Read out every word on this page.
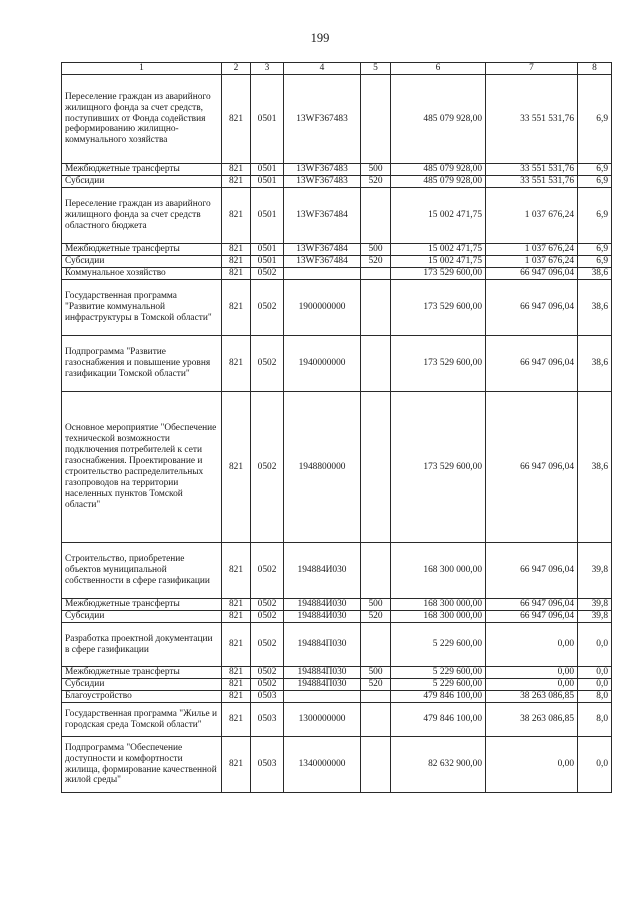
199
1	2	3	4	5	6	7	8
Переселение граждан из аварийного жилищного фонда за счет средств, поступивших от Фонда содействия реформированию жилищно-коммунального хозяйства	821	0501	13WF367483		485 079 928,00	33 551 531,76	6,9
Межбюджетные трансферты	821	0501	13WF367483	500	485 079 928,00	33 551 531,76	6,9
Субсидии	821	0501	13WF367483	520	485 079 928,00	33 551 531,76	6,9
Переселение граждан из аварийного жилищного фонда за счет средств областного бюджета	821	0501	13WF367484		15 002 471,75	1 037 676,24	6,9
Межбюджетные трансферты	821	0501	13WF367484	500	15 002 471,75	1 037 676,24	6,9
Субсидии	821	0501	13WF367484	520	15 002 471,75	1 037 676,24	6,9
Коммунальное хозяйство	821	0502			173 529 600,00	66 947 096,04	38,6
Государственная программа "Развитие коммунальной инфраструктуры в Томской области"	821	0502	1900000000		173 529 600,00	66 947 096,04	38,6
Подпрограмма "Развитие газоснабжения и повышение уровня газификации Томской области"	821	0502	1940000000		173 529 600,00	66 947 096,04	38,6
Основное мероприятие "Обеспечение технической возможности подключения потребителей к сети газоснабжения. Проектирование и строительство распределительных газопроводов на территории населенных пунктов Томской области"	821	0502	1948800000		173 529 600,00	66 947 096,04	38,6
Строительство, приобретение объектов муниципальной собственности в сфере газификации	821	0502	194884И030		168 300 000,00	66 947 096,04	39,8
Межбюджетные трансферты	821	0502	194884И030	500	168 300 000,00	66 947 096,04	39,8
Субсидии	821	0502	194884И030	520	168 300 000,00	66 947 096,04	39,8
Разработка проектной документации в сфере газификации	821	0502	194884П030		5 229 600,00	0,00	0,0
Межбюджетные трансферты	821	0502	194884П030	500	5 229 600,00	0,00	0,0
Субсидии	821	0502	194884П030	520	5 229 600,00	0,00	0,0
Благоустройство	821	0503			479 846 100,00	38 263 086,85	8,0
Государственная программа "Жилье и городская среда Томской области"	821	0503	1300000000		479 846 100,00	38 263 086,85	8,0
Подпрограмма "Обеспечение доступности и комфортности жилища, формирование качественной жилой среды"	821	0503	1340000000		82 632 900,00	0,00	0,0
